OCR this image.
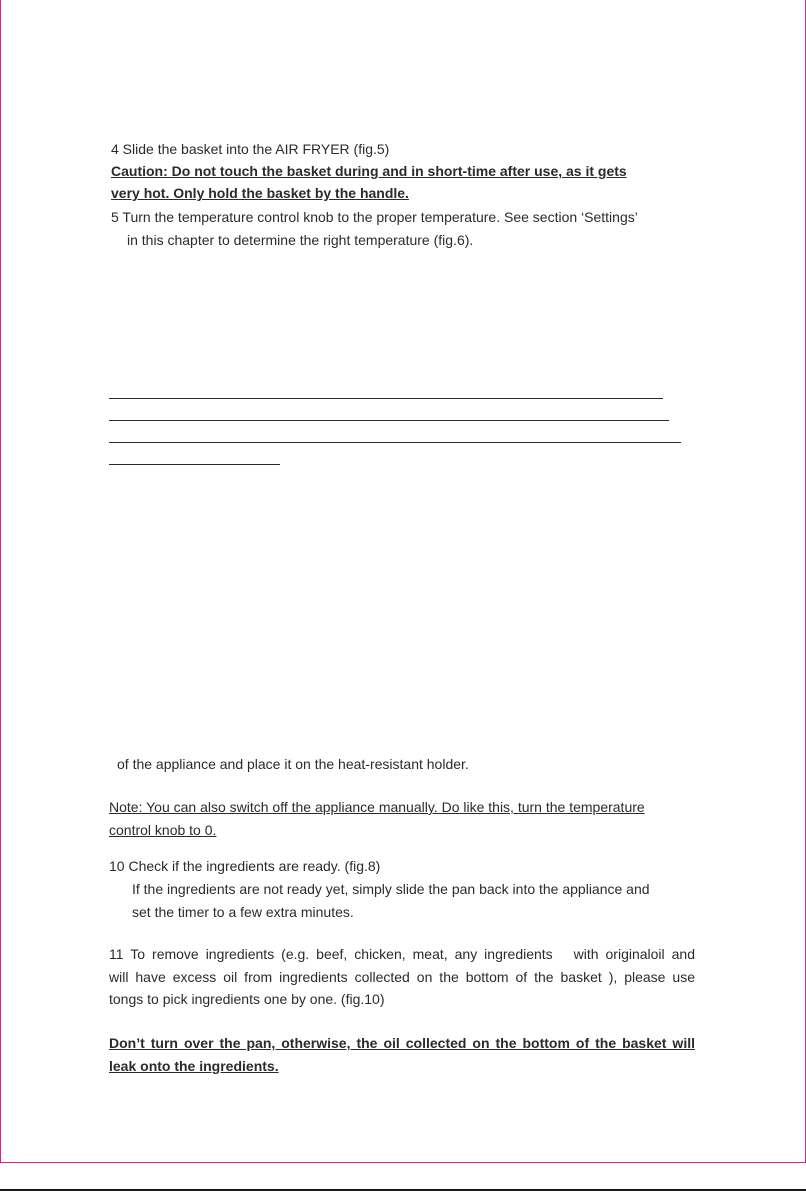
4 Slide the basket into the AIR FRYER (fig.5)
Caution: Do not touch the basket during and in short-time after use, as it gets
very hot. Only hold the basket by the handle.
5 Turn the temperature control knob to the proper temperature. See section ‘Settings’
in this chapter to determine the right temperature (fig.6).
of the appliance and place it on the heat-resistant holder.
Note: You can also switch off the appliance manually. Do like this, turn the temperature
control knob to 0.
10 Check if the ingredients are ready. (fig.8)
If the ingredients are not ready yet, simply slide the pan back into the appliance and
set the timer to a few extra minutes.
11 To remove ingredients (e.g. beef, chicken, meat, any ingredients   with originaloil and
will have excess oil from ingredients collected on the bottom of the basket ), please use
tongs to pick ingredients one by one. (fig.10)
Don’t turn over the pan, otherwise, the oil collected on the bottom of the basket will
leak onto the ingredients.
